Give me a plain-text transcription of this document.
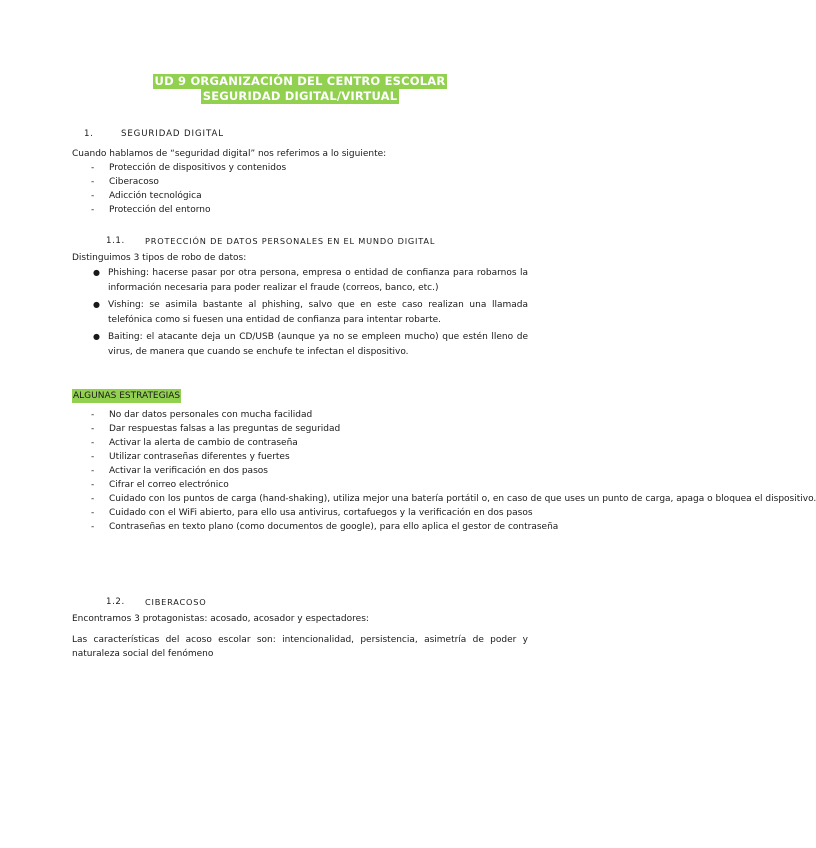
UD 9 ORGANIZACIÓN DEL CENTRO ESCOLAR
SEGURIDAD DIGITAL/VIRTUAL
1.	SEGURIDAD DIGITAL
Cuando hablamos de “seguridad digital” nos referimos a lo siguiente:
- Protección de dispositivos y contenidos
- Ciberacoso
- Adicción tecnológica
- Protección del entorno
1.1. PROTECCIÓN DE DATOS PERSONALES EN EL MUNDO DIGITAL
Distinguimos 3 tipos de robo de datos:
● Phishing: hacerse pasar por otra persona, empresa o entidad de confianza para robarnos la información necesaria para poder realizar el fraude (correos, banco, etc.)
● Vishing: se asimila bastante al phishing, salvo que en este caso realizan una llamada telefónica como si fuesen una entidad de confianza para intentar robarte.
● Baiting: el atacante deja un CD/USB (aunque ya no se empleen mucho) que estén lleno de virus, de manera que cuando se enchufe te infectan el dispositivo.
ALGUNAS ESTRATEGIAS
- No dar datos personales con mucha facilidad
- Dar respuestas falsas a las preguntas de seguridad
- Activar la alerta de cambio de contraseña
- Utilizar contraseñas diferentes y fuertes
- Activar la verificación en dos pasos
- Cifrar el correo electrónico
- Cuidado con los puntos de carga (hand-shaking), utiliza mejor una batería portátil o, en caso de que uses un punto de carga, apaga o bloquea el dispositivo.
- Cuidado con el WiFi abierto, para ello usa antivirus, cortafuegos y la verificación en dos pasos
- Contraseñas en texto plano (como documentos de google), para ello aplica el gestor de contraseña
1.2. CIBERACOSO
Encontramos 3 protagonistas: acosado, acosador y espectadores:
Las características del acoso escolar son: intencionalidad, persistencia, asimetría de poder y naturaleza social del fenómeno
